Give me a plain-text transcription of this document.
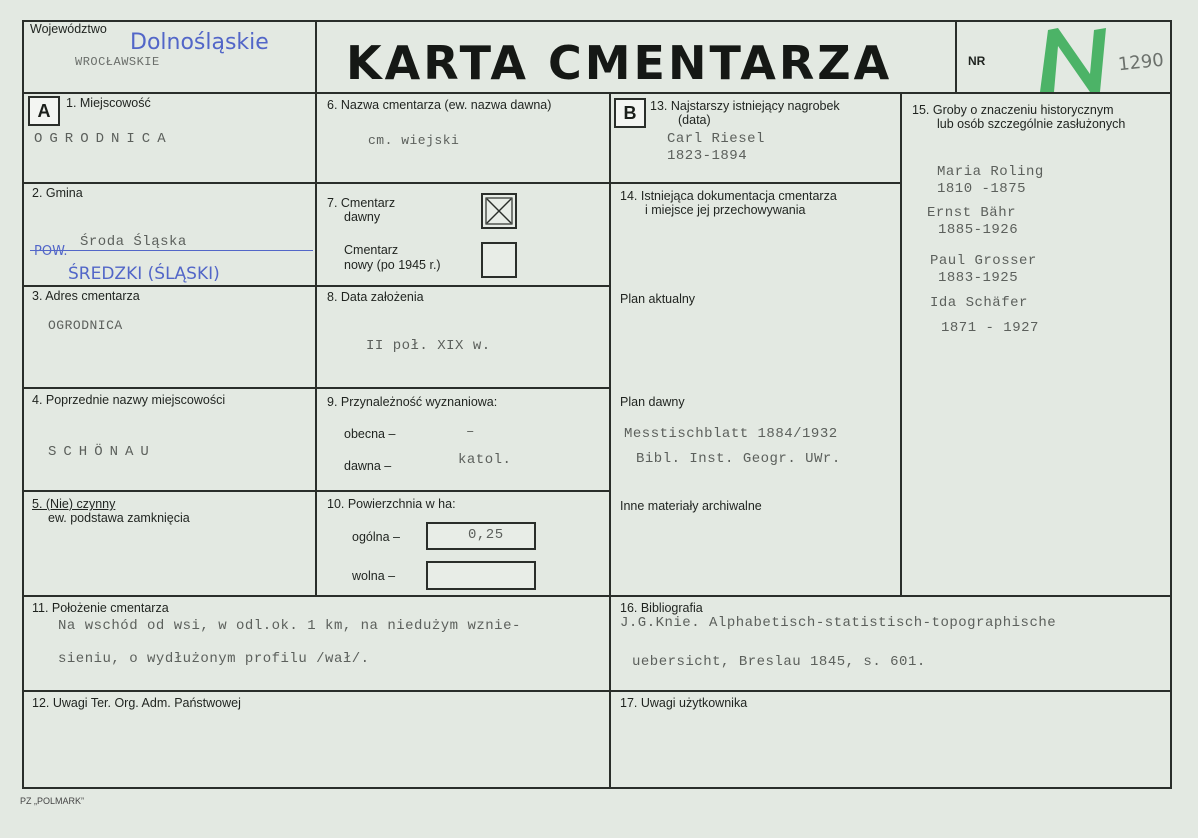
Województwo
Dolnośląskie
WROCŁAWSKIE	KARTA CMENTARZA	NR	1290
A	B
1. Miejscowość
OGRODNICA
2. Gmina
Środa Śląska
POW.
ŚREDZKI (ŚLĄSKI)
3. Adres cmentarza
OGRODNICA
4. Poprzednie nazwy miejscowości
SCHÖNAU
5. (Nie) czynny
ew. podstawa zamknięcia
6. Nazwa cmentarza (ew. nazwa dawna)
cm. wiejski
7. Cmentarz
dawny
Cmentarz
nowy (po 1945 r.)
8. Data założenia
II poł. XIX w.
9. Przynależność wyznaniowa:
obecna –	–
dawna –	katol.
10. Powierzchnia w ha:
ogólna –	0,25
wolna –
13. Najstarszy istniejący nagrobek
(data)
Carl Riesel
1823-1894
14. Istniejąca dokumentacja cmentarza
i miejsce jej przechowywania
Plan aktualny
Plan dawny
Messtischblatt 1884/1932
Bibl. Inst. Geogr. UWr.
Inne materiały archiwalne
15. Groby o znaczeniu historycznym
lub osób szczególnie zasłużonych
Maria Roling
1810 -1875
Ernst Bähr
1885-1926
Paul Grosser
1883-1925
Ida Schäfer
1871 - 1927
11. Położenie cmentarza
Na wschód od wsi, w odl.ok. 1 km, na niedużym wznie-
sieniu, o wydłużonym profilu /wał/.
16. Bibliografia
J.G.Knie. Alphabetisch-statistisch-topographische
uebersicht, Breslau 1845, s. 601.
12. Uwagi Ter. Org. Adm. Państwowej	17. Uwagi użytkownika
PZ „POLMARK”
